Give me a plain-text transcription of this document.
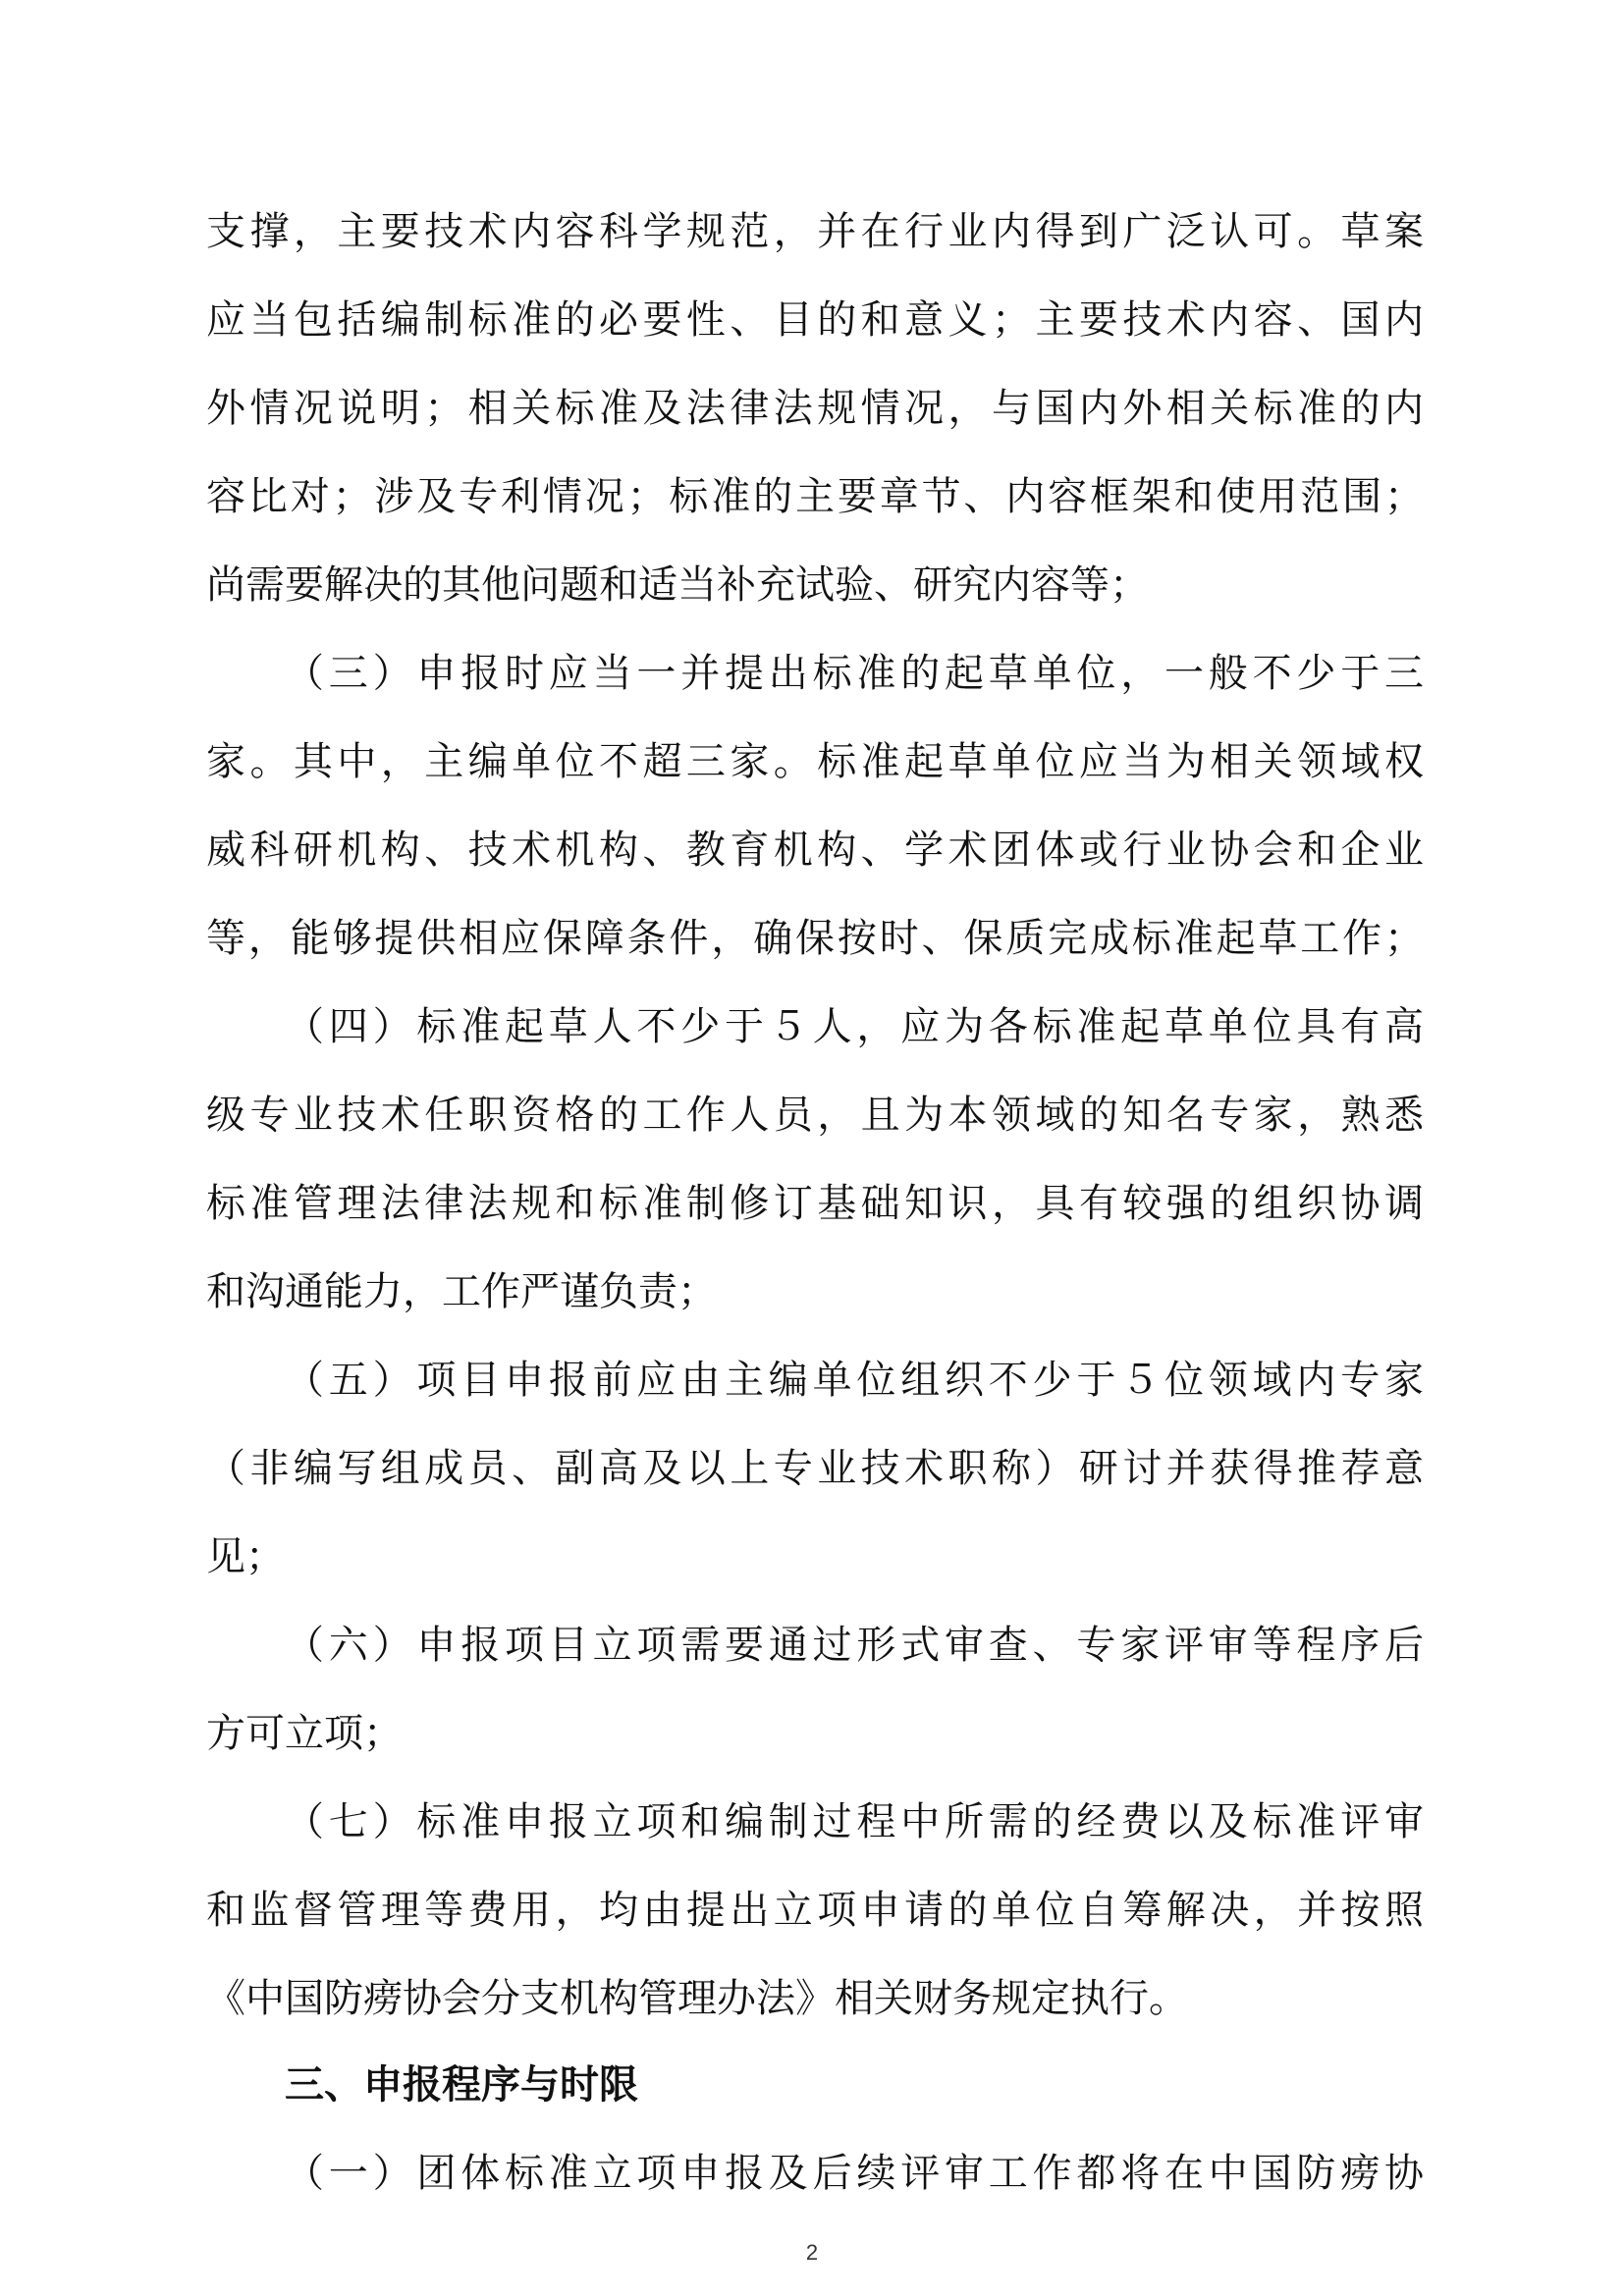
支撑，主要技术内容科学规范，并在行业内得到广泛认可。草案
应当包括编制标准的必要性、目的和意义；主要技术内容、国内
外情况说明；相关标准及法律法规情况，与国内外相关标准的内
容比对；涉及专利情况；标准的主要章节、内容框架和使用范围；
尚需要解决的其他问题和适当补充试验、研究内容等；
（三）申报时应当一并提出标准的起草单位，一般不少于三
家。其中，主编单位不超三家。标准起草单位应当为相关领域权
威科研机构、技术机构、教育机构、学术团体或行业协会和企业
等，能够提供相应保障条件，确保按时、保质完成标准起草工作；
（四）标准起草人不少于５人，应为各标准起草单位具有高
级专业技术任职资格的工作人员，且为本领域的知名专家，熟悉
标准管理法律法规和标准制修订基础知识，具有较强的组织协调
和沟通能力，工作严谨负责；
（五）项目申报前应由主编单位组织不少于５位领域内专家
（非编写组成员、副高及以上专业技术职称）研讨并获得推荐意
见；
（六）申报项目立项需要通过形式审查、专家评审等程序后
方可立项；
（七）标准申报立项和编制过程中所需的经费以及标准评审
和监督管理等费用，均由提出立项申请的单位自筹解决，并按照
《中国防痨协会分支机构管理办法》相关财务规定执行。
三、申报程序与时限
（一）团体标准立项申报及后续评审工作都将在中国防痨协
2
